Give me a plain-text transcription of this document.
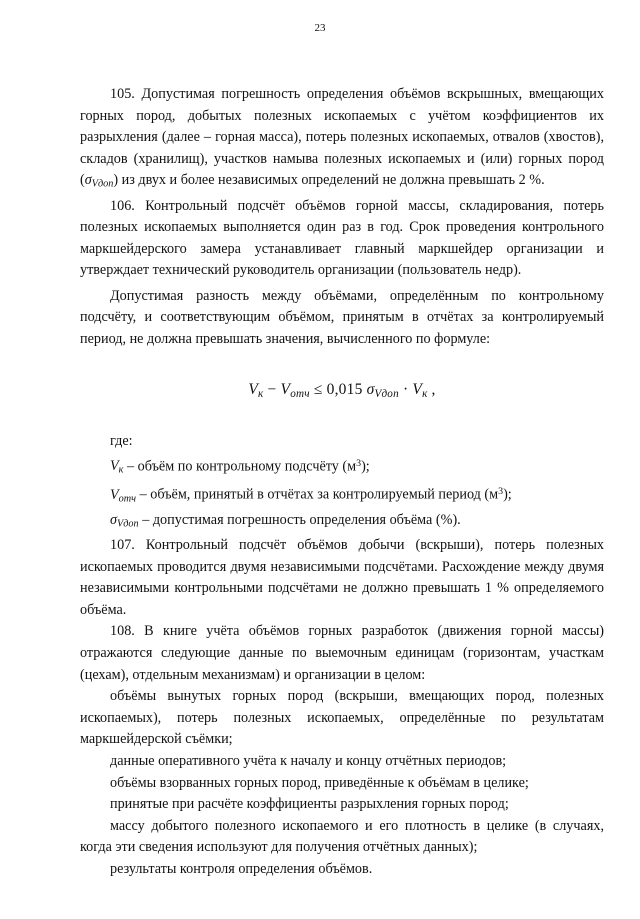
23

105. Допустимая погрешность определения объёмов вскрышных, вмещающих горных пород, добытых полезных ископаемых с учётом коэффициентов их разрыхления (далее – горная масса), потерь полезных ископаемых, отвалов (хвостов), складов (хранилищ), участков намыва полезных ископаемых и (или) горных пород $(\sigma_{Vдоп})$ из двух и более независимых определений не должна превышать 2 %.

106. Контрольный подсчёт объёмов горной массы, складирования, потерь полезных ископаемых выполняется один раз в год. Срок проведения контрольного маркшейдерского замера устанавливает главный маркшейдер организации и утверждает технический руководитель организации (пользователь недр).

Допустимая разность между объёмами, определённым по контрольному подсчёту, и соответствующим объёмом, принятым в отчётах за контролируемый период, не должна превышать значения, вычисленного по формуле:

$V_к - V_{отч} \le 0,015$ $\sigma_{Vдоп} \cdot V_к$ ,

где:

$V_к$ – объём по контрольному подсчёту $(м^3)$;

$V_{отч}$ – объём, принятый в отчётах за контролируемый период $(м^3)$;

$\sigma_{Vдоп}$ – допустимая погрешность определения объёма (%).

107. Контрольный подсчёт объёмов добычи (вскрыши), потерь полезных ископаемых проводится двумя независимыми подсчётами. Расхождение между двумя независимыми контрольными подсчётами не должно превышать 1 % определяемого объёма.

108. В книге учёта объёмов горных разработок (движения горной массы) отражаются следующие данные по выемочным единицам (горизонтам, участкам (цехам), отдельным механизмам) и организации в целом:

объёмы вынутых горных пород (вскрыши, вмещающих пород, полезных ископаемых), потерь полезных ископаемых, определённые по результатам маркшейдерской съёмки;

данные оперативного учёта к началу и концу отчётных периодов;

объёмы взорванных горных пород, приведённые к объёмам в целике;

принятые при расчёте коэффициенты разрыхления горных пород;

массу добытого полезного ископаемого и его плотность в целике (в случаях, когда эти сведения используют для получения отчётных данных);

результаты контроля определения объёмов.
